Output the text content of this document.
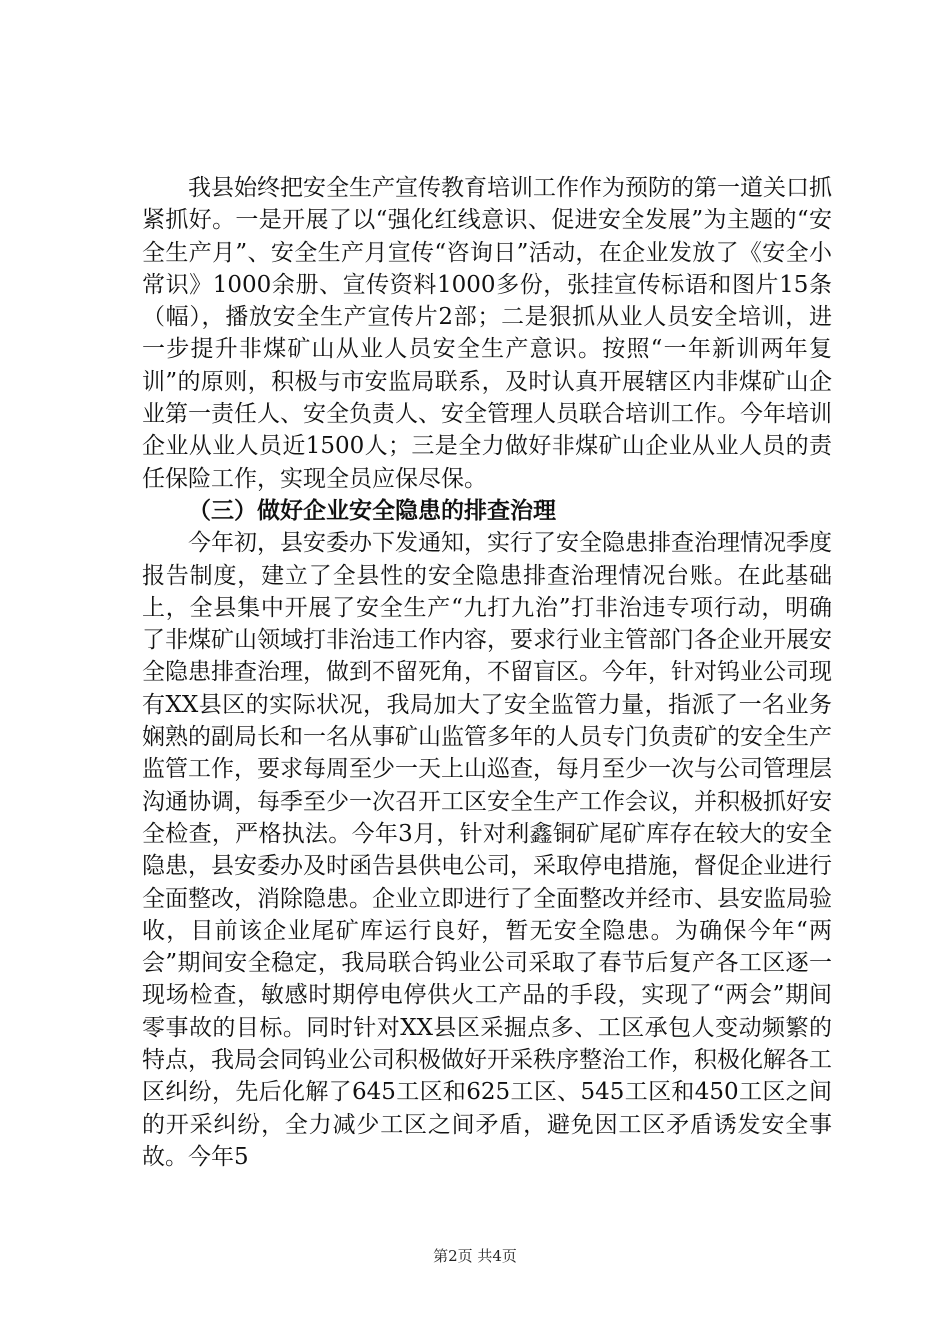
我县始终把安全生产宣传教育培训工作作为预防的第一道关口抓紧抓好。一是开展了以“强化红线意识、促进安全发展”为主题的“安全生产月”、安全生产月宣传“咨询日”活动，在企业发放了《安全小常识》1000余册、宣传资料1000多份，张挂宣传标语和图片15条（幅），播放安全生产宣传片2部；二是狠抓从业人员安全培训，进一步提升非煤矿山从业人员安全生产意识。按照“一年新训两年复训”的原则，积极与市安监局联系，及时认真开展辖区内非煤矿山企业第一责任人、安全负责人、安全管理人员联合培训工作。今年培训企业从业人员近1500人；三是全力做好非煤矿山企业从业人员的责任保险工作，实现全员应保尽保。

（三）做好企业安全隐患的排查治理

今年初，县安委办下发通知，实行了安全隐患排查治理情况季度报告制度，建立了全县性的安全隐患排查治理情况台账。在此基础上，全县集中开展了安全生产“九打九治”打非治违专项行动，明确了非煤矿山领域打非治违工作内容，要求行业主管部门各企业开展安全隐患排查治理，做到不留死角，不留盲区。今年，针对钨业公司现有XX县区的实际状况，我局加大了安全监管力量，指派了一名业务娴熟的副局长和一名从事矿山监管多年的人员专门负责矿的安全生产监管工作，要求每周至少一天上山巡查，每月至少一次与公司管理层沟通协调，每季至少一次召开工区安全生产工作会议，并积极抓好安全检查，严格执法。今年3月，针对利鑫铜矿尾矿库存在较大的安全隐患，县安委办及时函告县供电公司，采取停电措施，督促企业进行全面整改，消除隐患。企业立即进行了全面整改并经市、县安监局验收，目前该企业尾矿库运行良好，暂无安全隐患。为确保今年“两会”期间安全稳定，我局联合钨业公司采取了春节后复产各工区逐一现场检查，敏感时期停电停供火工产品的手段，实现了“两会”期间零事故的目标。同时针对XX县区采掘点多、工区承包人变动频繁的特点，我局会同钨业公司积极做好开采秩序整治工作，积极化解各工区纠纷，先后化解了645工区和625工区、545工区和450工区之间的开采纠纷，全力减少工区之间矛盾，避免因工区矛盾诱发安全事故。今年5

第2页 共4页
